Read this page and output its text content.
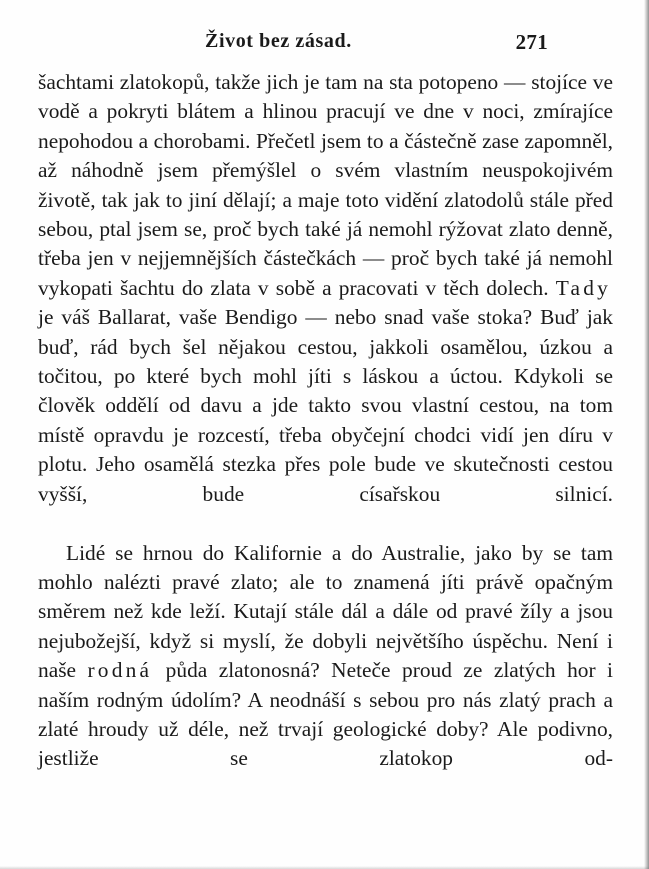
Život bez zásad.	271

šachtami zlatokopů, takže jich je tam na sta potopeno — stojíce ve vodě a pokryti blátem a hlinou pracují ve dne v noci, zmírajíce nepohodou a chorobami. Přečetl jsem to a částečně zase zapomněl, až náhodně jsem přemýšlel o svém vlastním neuspokojivém životě, tak jak to jiní dělají; a maje toto vidění zlatodolů stále před sebou, ptal jsem se, proč bych také já nemohl rýžovat zlato denně, třeba jen v nejjemnějších částečkách — proč bych také já nemohl vykopati šachtu do zlata v sobě a pracovati v těch dolech. Tady je váš Ballarat, vaše Bendigo — nebo snad vaše stoka? Buď jak buď, rád bych šel nějakou cestou, jakkoli osamělou, úzkou a točitou, po které bych mohl jíti s láskou a úctou. Kdykoli se člověk oddělí od davu a jde takto svou vlastní cestou, na tom místě opravdu je rozcestí, třeba obyčejní chodci vidí jen díru v plotu. Jeho osamělá stezka přes pole bude ve skutečnosti cestou vyšší, bude císařskou silnicí.

Lidé se hrnou do Kalifornie a do Australie, jako by se tam mohlo nalézti pravé zlato; ale to znamená jíti právě opačným směrem než kde leží. Kutají stále dál a dále od pravé žíly a jsou nejubožejší, když si myslí, že dobyli největšího úspěchu. Není i naše rodná půda zlatonosná? Neteče proud ze zlatých hor i naším rodným údolím? A neodnáší s sebou pro nás zlatý prach a zlaté hroudy už déle, než trvají geologické doby? Ale podivno, jestliže se zlatokop od-
